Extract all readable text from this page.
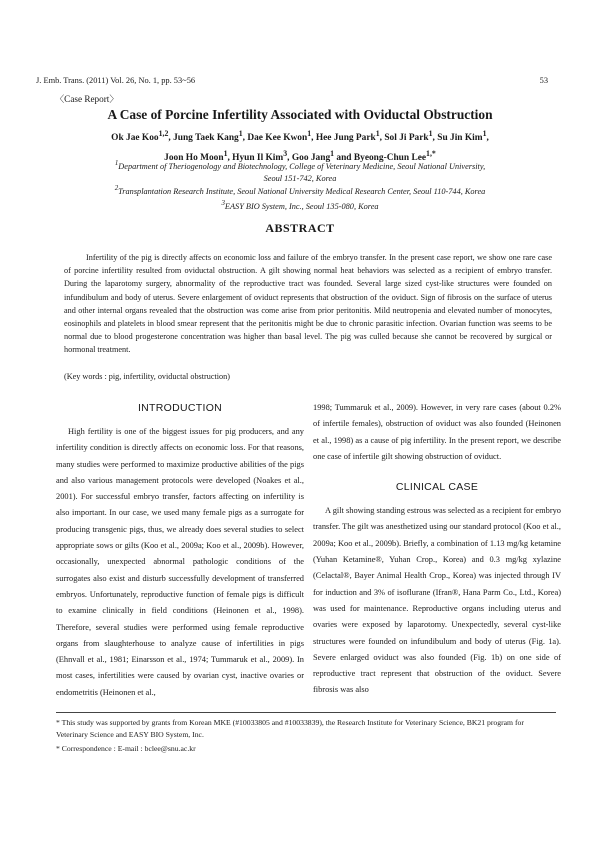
J. Emb. Trans. (2011) Vol. 26, No. 1, pp. 53~56	53
〈Case Report〉
A Case of Porcine Infertility Associated with Oviductal Obstruction
Ok Jae Koo$^{1,2}$, Jung Taek Kang$^1$, Dae Kee Kwon$^1$, Hee Jung Park$^1$, Sol Ji Park$^1$, Su Jin Kim$^1$,
Joon Ho Moon$^1$, Hyun Il Kim$^3$, Goo Jang$^1$ and Byeong-Chun Lee$^{1,*}$
$^1$Department of Theriogenology and Biotechnology, College of Veterinary Medicine, Seoul National University,
Seoul 151-742, Korea
$^2$Transplantation Research Institute, Seoul National University Medical Research Center, Seoul 110-744, Korea
$^3$EASY BIO System, Inc., Seoul 135-080, Korea
ABSTRACT

Infertility of the pig is directly affects on economic loss and failure of the embryo transfer. In the present case report, we show one rare case of porcine infertility resulted from oviductal obstruction. A gilt showing normal heat behaviors was selected as a recipient of embryo transfer. During the laparotomy surgery, abnormality of the reproductive tract was founded. Several large sized cyst-like structures were founded on infundibulum and body of uterus. Severe enlargement of oviduct represents that obstruction of the oviduct. Sign of fibrosis on the surface of uterus and other internal organs revealed that the obstruction was come arise from prior peritonitis. Mild neutropenia and elevated number of monocytes, eosinophils and platelets in blood smear represent that the peritonitis might be due to chronic parasitic infection. Ovarian function was seems to be normal due to blood progesterone concentration was higher than basal level. The pig was culled because she cannot be recovered by surgical or hormonal treatment.

(Key words : pig, infertility, oviductal obstruction)
INTRODUCTION

High fertility is one of the biggest issues for pig producers, and any infertility condition is directly affects on economic loss. For that reasons, many studies were performed to maximize productive abilities of the pigs and also various management protocols were developed (Noakes et al., 2001). For successful embryo transfer, factors affecting on infertility is also important. In our case, we used many female pigs as a surrogate for producing transgenic pigs, thus, we already does several studies to select appropriate sows or gilts (Koo et al., 2009a; Koo et al., 2009b). However, occasionally, unexpected abnormal pathologic conditions of the surrogates also exist and disturb successfully development of transferred embryos. Unfortunately, reproductive function of female pigs is difficult to examine clinically in field conditions (Heinonen et al., 1998). Therefore, several studies were performed using female reproductive organs from slaughterhouse to analyze cause of infertilities in pigs (Ehnvall et al., 1981; Einarsson et al., 1974; Tummaruk et al., 2009). In most cases, infertilities were caused by ovarian cyst, inactive ovaries or endometritis (Heinonen et al.,

1998; Tummaruk et al., 2009). However, in very rare cases (about 0.2% of infertile females), obstruction of oviduct was also founded (Heinonen et al., 1998) as a cause of pig infertility. In the present report, we describe one case of infertile gilt showing obstruction of oviduct.

CLINICAL CASE

A gilt showing standing estrous was selected as a recipient for embryo transfer. The gilt was anesthetized using our standard protocol (Koo et al., 2009a; Koo et al., 2009b). Briefly, a combination of 1.13 mg/kg ketamine (Yuhan Ketamine®, Yuhan Crop., Korea) and 0.3 mg/kg xylazine (Celactal®, Bayer Animal Health Crop., Korea) was injected through IV for induction and 3% of isoflurane (Ifran®, Hana Parm Co., Ltd., Korea) was used for maintenance. Reproductive organs including uterus and ovaries were exposed by laparotomy. Unexpectedly, several cyst-like structures were founded on infundibulum and body of uterus (Fig. 1a). Severe enlarged oviduct was also founded (Fig. 1b) on one side of reproductive tract represent that obstruction of the oviduct. Severe fibrosis was also

* This study was supported by grants from Korean MKE (#10033805 and #10033839), the Research Institute for Veterinary Science, BK21 program for Veterinary Science and EASY BIO System, Inc.
* Correspondence : E-mail : bclee@snu.ac.kr
